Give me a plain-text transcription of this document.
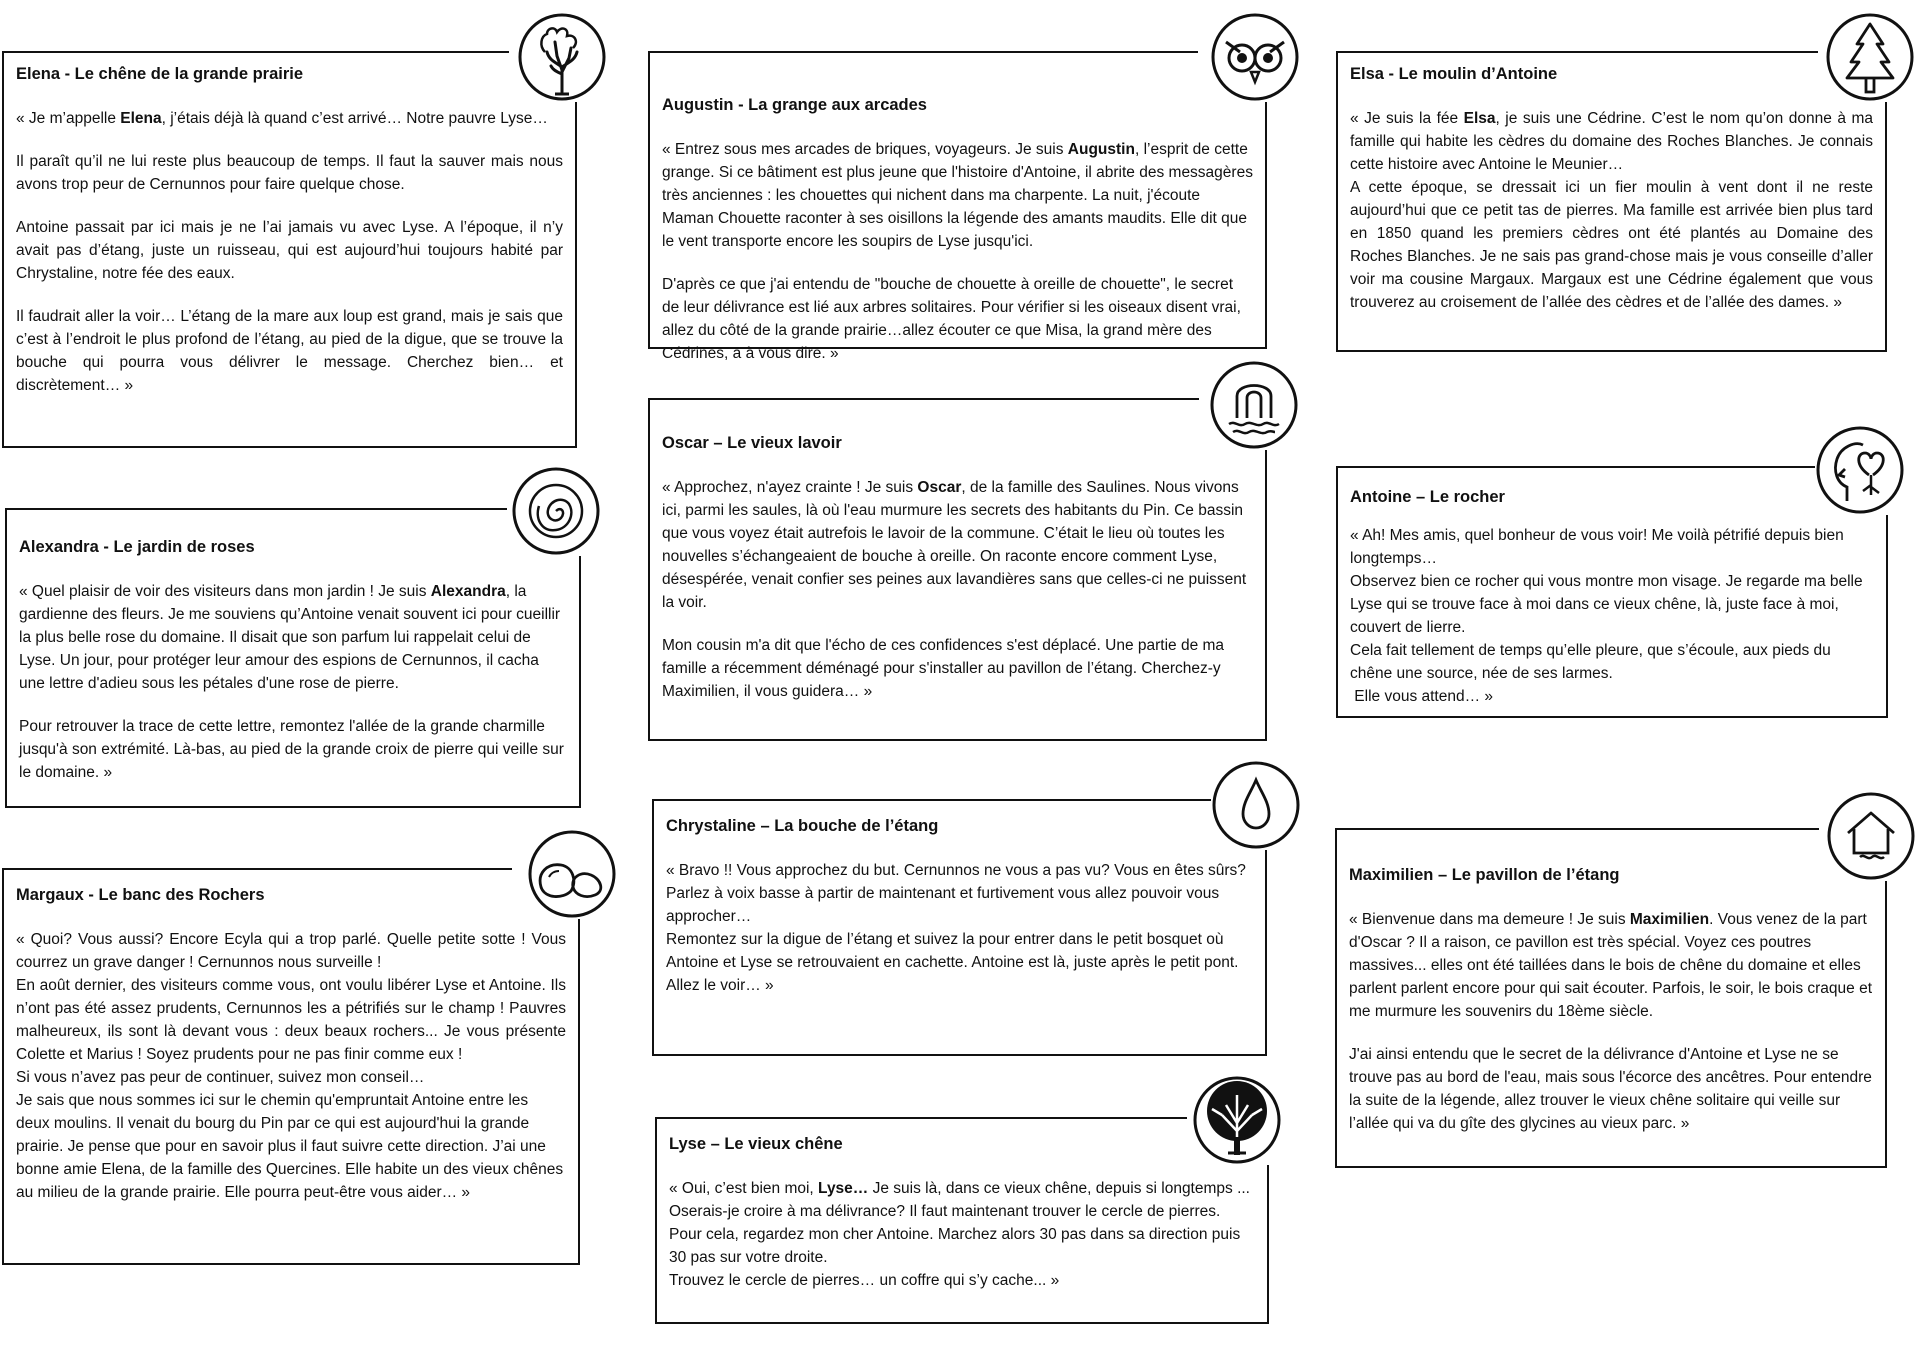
Elena - Le chêne de la grande prairie

« Je m’appelle Elena, j’étais déjà là quand c’est arrivé… Notre pauvre Lyse…

Il paraît qu’il ne lui reste plus beaucoup de temps. Il faut la sauver mais nous avons trop peur de Cernunnos pour faire quelque chose.

Antoine passait par ici mais je ne l’ai jamais vu avec Lyse. A l’époque, il n’y avait pas d’étang, juste un ruisseau, qui est aujourd’hui toujours habité par Chrystaline, notre fée des eaux.

Il faudrait aller la voir… L’étang de la mare aux loup est grand, mais je sais que c’est à l’endroit le plus profond de l’étang, au pied de la digue, que se trouve la bouche qui pourra vous délivrer le message. Cherchez bien… et discrètement… »

Augustin - La grange aux arcades

« Entrez sous mes arcades de briques, voyageurs. Je suis Augustin, l’esprit de cette grange. Si ce bâtiment est plus jeune que l'histoire d'Antoine, il abrite des messagères très anciennes : les chouettes qui nichent dans ma charpente. La nuit, j'écoute Maman Chouette raconter à ses oisillons la légende des amants maudits. Elle dit que le vent transporte encore les soupirs de Lyse jusqu'ici.

D'après ce que j'ai entendu de "bouche de chouette à oreille de chouette", le secret de leur délivrance est lié aux arbres solitaires. Pour vérifier si les oiseaux disent vrai, allez du côté de la grande prairie…allez écouter ce que Misa, la grand mère des Cédrines, a à vous dire. »

Elsa - Le moulin d’Antoine

« Je suis la fée Elsa, je suis une Cédrine. C’est le nom qu’on donne à ma famille qui habite les cèdres du domaine des Roches Blanches. Je connais cette histoire avec Antoine le Meunier…

A cette époque, se dressait ici un fier moulin à vent dont il ne reste aujourd’hui que ce petit tas de pierres. Ma famille est arrivée bien plus tard en 1850 quand les premiers cèdres ont été plantés au Domaine des Roches Blanches. Je ne sais pas grand-chose mais je vous conseille d’aller voir ma cousine Margaux. Margaux est une Cédrine également que vous trouverez au croisement de l’allée des cèdres et de l’allée des dames. »

Alexandra - Le jardin de roses

« Quel plaisir de voir des visiteurs dans mon jardin ! Je suis Alexandra, la gardienne des fleurs. Je me souviens qu’Antoine venait souvent ici pour cueillir la plus belle rose du domaine. Il disait que son parfum lui rappelait celui de Lyse. Un jour, pour protéger leur amour des espions de Cernunnos, il cacha une lettre d'adieu sous les pétales d'une rose de pierre.

Pour retrouver la trace de cette lettre, remontez l'allée de la grande charmille jusqu'à son extrémité. Là-bas, au pied de la grande croix de pierre qui veille sur le domaine. »

Oscar – Le vieux lavoir

« Approchez, n'ayez crainte ! Je suis Oscar, de la famille des Saulines. Nous vivons ici, parmi les saules, là où l'eau murmure les secrets des habitants du Pin. Ce bassin que vous voyez était autrefois le lavoir de la commune. C’était le lieu où toutes les nouvelles s’échangeaient de bouche à oreille. On raconte encore comment Lyse, désespérée, venait confier ses peines aux lavandières sans que celles-ci ne puissent la voir.

Mon cousin m'a dit que l'écho de ces confidences s'est déplacé. Une partie de ma famille a récemment déménagé pour s'installer au pavillon de l’étang. Cherchez-y Maximilien, il vous guidera… »

Antoine – Le rocher
« Ah! Mes amis, quel bonheur de vous voir! Me voilà pétrifié depuis bien longtemps…
Observez bien ce rocher qui vous montre mon visage. Je regarde ma belle Lyse qui se trouve face à moi dans ce vieux chêne, là, juste face à moi, couvert de lierre.
Cela fait tellement de temps qu’elle pleure, que s’écoule, aux pieds du chêne une source, née de ses larmes.
Elle vous attend… »
Margaux - Le banc des Rochers
« Quoi? Vous aussi? Encore Ecyla qui a trop parlé. Quelle petite sotte ! Vous courrez un grave danger ! Cernunnos nous surveille !
En août dernier, des visiteurs comme vous, ont voulu libérer Lyse et Antoine. Ils n’ont pas été assez prudents, Cernunnos les a pétrifiés sur le champ ! Pauvres malheureux, ils sont là devant vous : deux beaux rochers... Je vous présente Colette et Marius ! Soyez prudents pour ne pas finir comme eux !
Si vous n’avez pas peur de continuer, suivez mon conseil…
Je sais que nous sommes ici sur le chemin qu'empruntait Antoine entre les deux moulins. Il venait du bourg du Pin par ce qui est aujourd'hui la grande prairie. Je pense que pour en savoir plus il faut suivre cette direction. J’ai une bonne amie Elena, de la famille des Quercines. Elle habite un des vieux chênes au milieu de la grande prairie. Elle pourra peut-être vous aider… »
Chrystaline – La bouche de l’étang
« Bravo !! Vous approchez du but. Cernunnos ne vous a pas vu? Vous en êtes sûrs?
Parlez à voix basse à partir de maintenant et furtivement vous allez pouvoir vous approcher…
Remontez sur la digue de l’étang et suivez la pour entrer dans le petit bosquet où Antoine et Lyse se retrouvaient en cachette. Antoine est là, juste après le petit pont. Allez le voir… »
Maximilien – Le pavillon de l’étang

« Bienvenue dans ma demeure ! Je suis Maximilien. Vous venez de la part d'Oscar ? Il a raison, ce pavillon est très spécial. Voyez ces poutres massives... elles ont été taillées dans le bois de chêne du domaine et elles parlent parlent encore pour qui sait écouter. Parfois, le soir, le bois craque et me murmure les souvenirs du 18ème siècle.

J'ai ainsi entendu que le secret de la délivrance d'Antoine et Lyse ne se trouve pas au bord de l'eau, mais sous l'écorce des ancêtres. Pour entendre la suite de la légende, allez trouver le vieux chêne solitaire qui veille sur l’allée qui va du gîte des glycines au vieux parc. »

Lyse – Le vieux chêne
« Oui, c’est bien moi, Lyse… Je suis là, dans ce vieux chêne, depuis si longtemps ...
Oserais-je croire à ma délivrance? Il faut maintenant trouver le cercle de pierres.
Pour cela, regardez mon cher Antoine. Marchez alors 30 pas dans sa direction puis 30 pas sur votre droite.
Trouvez le cercle de pierres… un coffre qui s’y cache... »
